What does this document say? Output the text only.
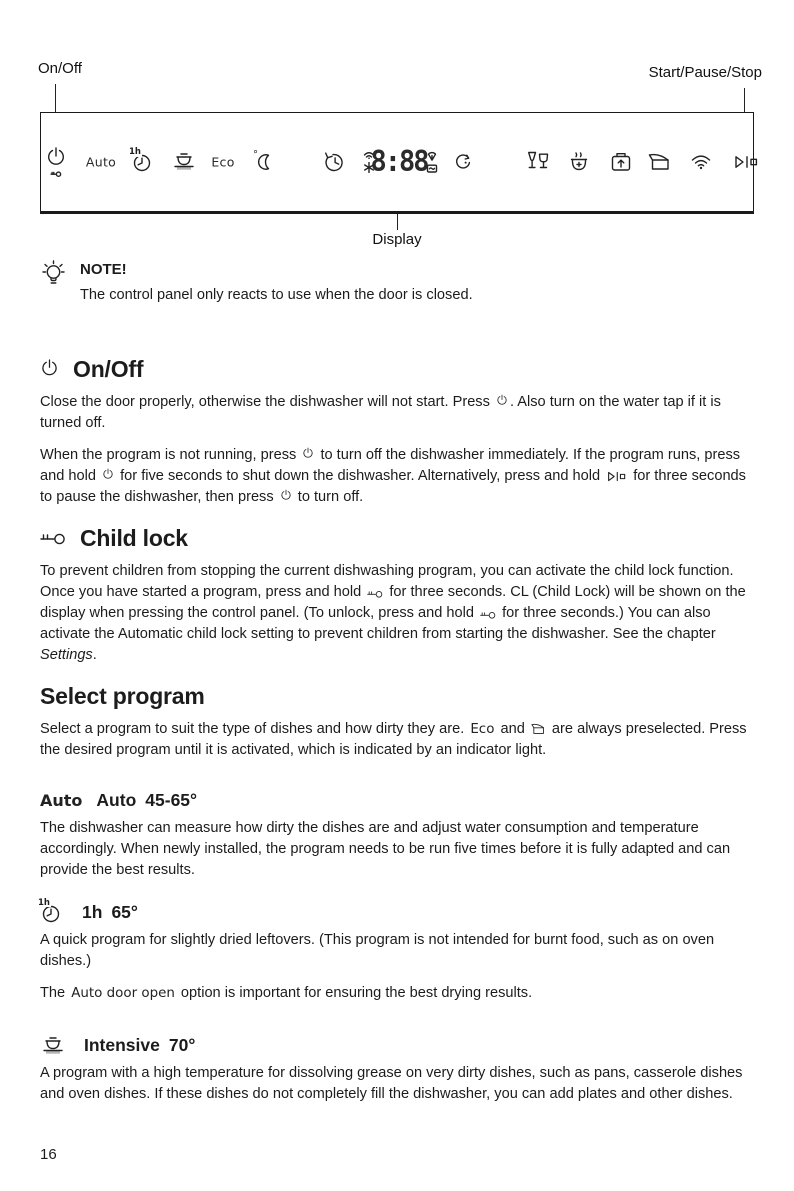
On/Off	Start/Pause/Stop
Display
Auto
1h
Eco °	8:88
NOTE!

The control panel only reacts to use when the door is closed.

On/Off

Close the door properly, otherwise the dishwasher will not start. Press
. Also turn on the water tap if it is turned off.

When the program is not running, press
to turn off the dishwasher immediately. If the program runs, press and hold
for five seconds to shut down the dishwasher. Alternatively, press and hold
for three seconds to pause the dishwasher, then press
to turn off.

Child lock

To prevent children from stopping the current dishwashing program, you can activate the child lock function. Once you have started a program, press and hold
for three seconds. CL (Child Lock) will be shown on the display when pressing the control panel. (To unlock, press and hold
for three seconds.) You can also activate the Automatic child lock setting to prevent children from starting the dishwasher. See the chapter Settings.

Select program

Select a program to suit the type of dishes and how dirty they are. Eco and
are always preselected. Press the desired program until it is activated, which is indicated by an indicator light.

Auto Auto 45-65°

The dishwasher can measure how dirty the dishes are and adjust water consumption and temperature accordingly. When newly installed, the program needs to be run five times before it is fully adapted and can provide the best results.

1h 1h 65°

A quick program for slightly dried leftovers. (This program is not intended for burnt food, such as on oven dishes.)

The Auto door open option is important for ensuring the best drying results.

Intensive 70°

A program with a high temperature for dissolving grease on very dirty dishes, such as pans, casserole dishes and oven dishes. If these dishes do not completely fill the dishwasher, you can add plates and other dishes.

16
